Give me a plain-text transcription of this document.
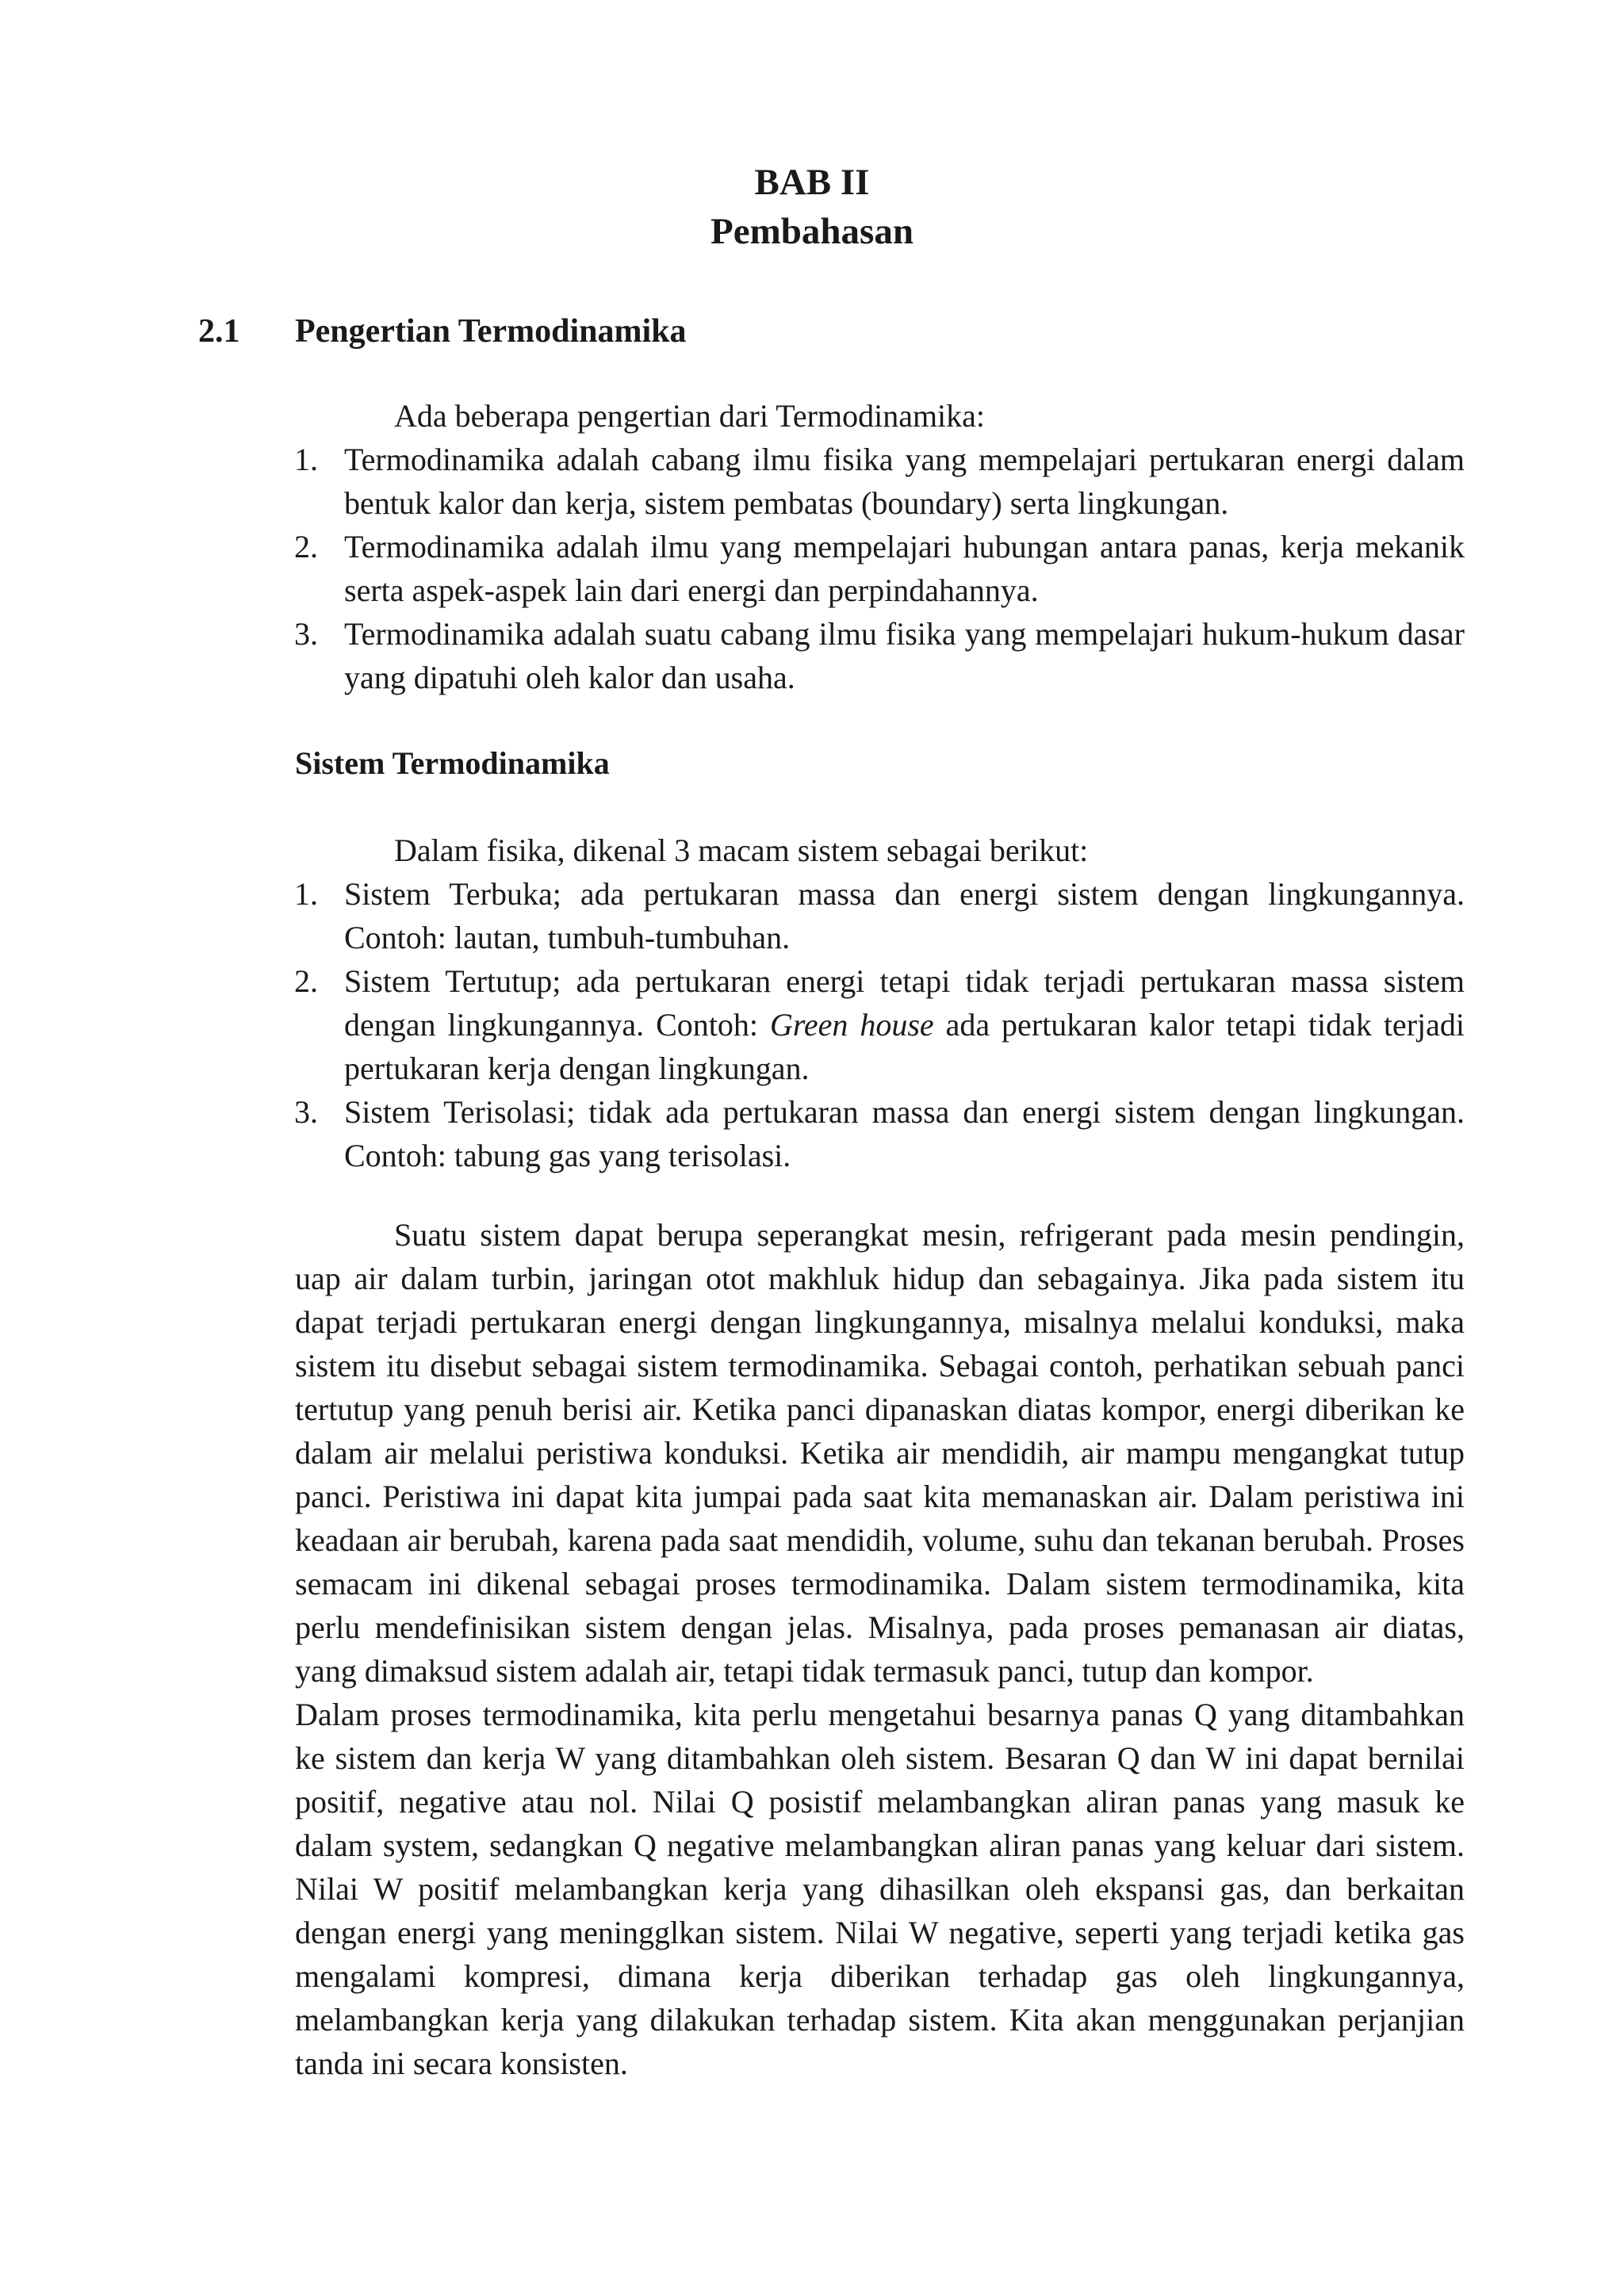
BAB II
Pembahasan
2.1 Pengertian Termodinamika

Ada beberapa pengertian dari Termodinamika:

1. Termodinamika adalah cabang ilmu fisika yang mempelajari pertukaran energi dalam bentuk kalor dan kerja, sistem pembatas (boundary) serta lingkungan.
2. Termodinamika adalah ilmu yang mempelajari hubungan antara panas, kerja mekanik serta aspek-aspek lain dari energi dan perpindahannya.
3. Termodinamika adalah suatu cabang ilmu fisika yang mempelajari hukum-hukum dasar yang dipatuhi oleh kalor dan usaha.
Sistem Termodinamika

Dalam fisika, dikenal 3 macam sistem sebagai berikut:

1. Sistem Terbuka; ada pertukaran massa dan energi sistem dengan lingkungannya. Contoh: lautan, tumbuh-tumbuhan.
2. Sistem Tertutup; ada pertukaran energi tetapi tidak terjadi pertukaran massa sistem dengan lingkungannya. Contoh: Green house ada pertukaran kalor tetapi tidak terjadi pertukaran kerja dengan lingkungan.
3. Sistem Terisolasi; tidak ada pertukaran massa dan energi sistem dengan lingkungan. Contoh: tabung gas yang terisolasi.

Suatu sistem dapat berupa seperangkat mesin, refrigerant pada mesin pendingin, uap air dalam turbin, jaringan otot makhluk hidup dan sebagainya. Jika pada sistem itu dapat terjadi pertukaran energi dengan lingkungannya, misalnya melalui konduksi, maka sistem itu disebut sebagai sistem termodinamika. Sebagai contoh, perhatikan sebuah panci tertutup yang penuh berisi air. Ketika panci dipanaskan diatas kompor, energi diberikan ke dalam air melalui peristiwa konduksi. Ketika air mendidih, air mampu mengangkat tutup panci. Peristiwa ini dapat kita jumpai pada saat kita memanaskan air. Dalam peristiwa ini keadaan air berubah, karena pada saat mendidih, volume, suhu dan tekanan berubah. Proses semacam ini dikenal sebagai proses termodinamika. Dalam sistem termodinamika, kita perlu mendefinisikan sistem dengan jelas. Misalnya, pada proses pemanasan air diatas, yang dimaksud sistem adalah air, tetapi tidak termasuk panci, tutup dan kompor.

Dalam proses termodinamika, kita perlu mengetahui besarnya panas Q yang ditambahkan ke sistem dan kerja W yang ditambahkan oleh sistem. Besaran Q dan W ini dapat bernilai positif, negative atau nol. Nilai Q posistif melambangkan aliran panas yang masuk ke dalam system, sedangkan Q negative melambangkan aliran panas yang keluar dari sistem. Nilai W positif melambangkan kerja yang dihasilkan oleh ekspansi gas, dan berkaitan dengan energi yang meningglkan sistem. Nilai W negative, seperti yang terjadi ketika gas mengalami kompresi, dimana kerja diberikan terhadap gas oleh lingkungannya, melambangkan kerja yang dilakukan terhadap sistem. Kita akan menggunakan perjanjian tanda ini secara konsisten.
